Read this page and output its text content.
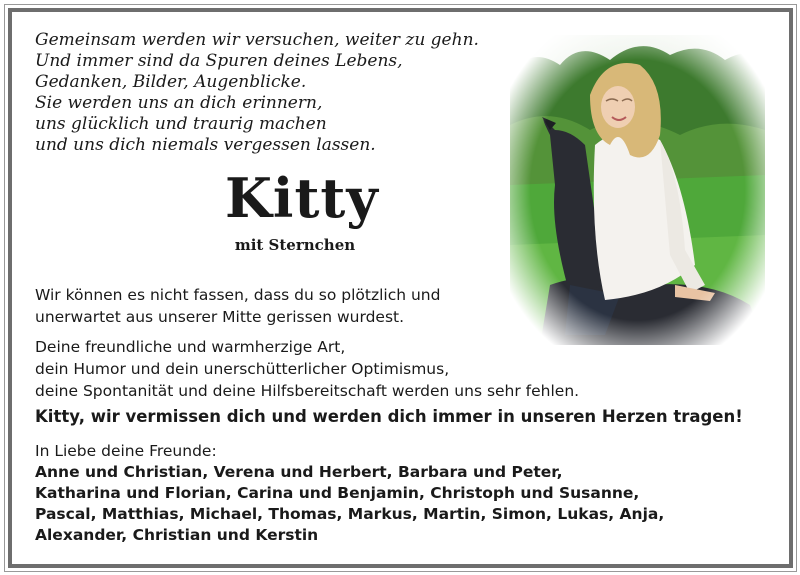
Gemeinsam werden wir versuchen, weiter zu gehn.
Und immer sind da Spuren deines Lebens,
Gedanken, Bilder, Augenblicke.
Sie werden uns an dich erinnern,
uns glücklich und traurig machen
und uns dich niemals vergessen lassen.
Kitty
mit Sternchen
Wir können es nicht fassen, dass du so plötzlich und
unerwartet aus unserer Mitte gerissen wurdest.
Deine freundliche und warmherzige Art,
dein Humor und dein unerschütterlicher Optimismus,
deine Spontanität und deine Hilfsbereitschaft werden uns sehr fehlen.
Kitty, wir vermissen dich und werden dich immer in unseren Herzen tragen!
In Liebe deine Freunde:
Anne und Christian, Verena und Herbert, Barbara und Peter,
Katharina und Florian, Carina und Benjamin, Christoph und Susanne,
Pascal, Matthias, Michael, Thomas, Markus, Martin, Simon, Lukas, Anja,
Alexander, Christian und Kerstin
